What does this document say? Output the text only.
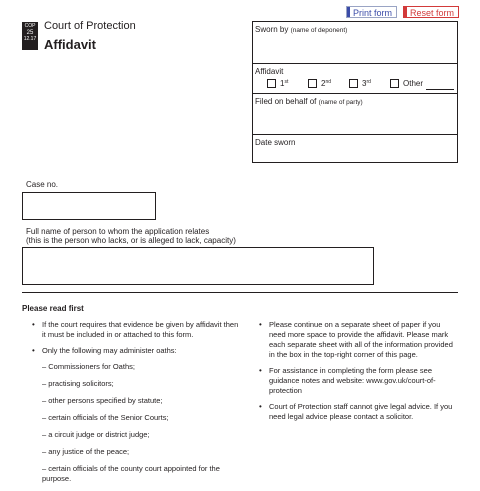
Print form	Reset form
COP
25
12.17
Court of Protection
Affidavit
Sworn by (name of deponent)
Affidavit
1st	2nd	3rd	Other
Filed on behalf of (name of party)
Date sworn
Case no.
Full name of person to whom the application relates
(this is the person who lacks, or is alleged to lack, capacity)
Please read first
• If the court requires that evidence be given by affidavit then it must be included in or attached to this form.
• Only the following may administer oaths:
– Commissioners for Oaths;
– practising solicitors;
– other persons specified by statute;
– certain officials of the Senior Courts;
– a circuit judge or district judge;
– any justice of the peace;
– certain officials of the county court appointed for the purpose.
• Please continue on a separate sheet of paper if you need more space to provide the affidavit. Please mark each separate sheet with all of the information provided in the box in the top-right corner of this page.
• For assistance in completing the form please see guidance notes and website: www.gov.uk/court-of-protection
• Court of Protection staff cannot give legal advice. If you need legal advice please contact a solicitor.
